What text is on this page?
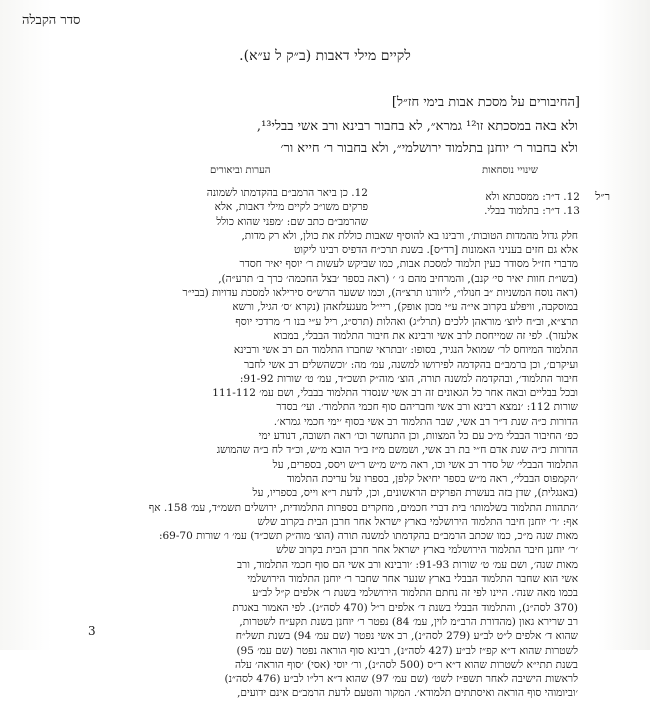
סדר הקבלה
לקיים מילי דאבות (ב״ק ל ע״א).
[החיבורים על מסכת אבות בימי חז״ל]
ולא באה במסכתא זו¹² גמרא״, לא בחבור רבינא ורב אשי בבלי¹³,
ולא בחבור ר׳ יוחנן בתלמוד ירושלמי״, ולא בחבור ר׳ חייא ור׳
שינויי נוסחאות
הערות וביאורים
ר״ל
12. ד״ר: ממסכתא ולא
13. ד״ר: בתלמוד בבלי.
12. כן ביאר הרמב״ם בהקדמתו לשמונה
פרקים משו״כ לקיים מילי דאבות, אלא
שהרמב״ם כתב שם: ׳מפני שהוא כולל
חלק גדול מהמדות הטובות׳, ורבינו בא להוסיף שאבות כוללת את כולן, ולא רק מדות,
אלא גם חזים בעניני האמונות [רד״ס]. בשנת תרכ״ח הדפיס רבינו ליקוט
מדברי חז״ל מסודר כעין תלמוד למסכת אבות, כמו שביקש לעשות ר׳ יוסף יאיר חסדר
(בשו״ת חוות יאיר סי׳ קנב), והמרחיב מהם ג׳ ׳ (ראה בספר ׳בצל החכמה׳ כרך ב׳ תרע״ה),
(ראה נוסח המשניות ״ב חנולו״, ליוורנו תרצ״ה), וכמו ששער הרש״ס סירילאו למסכת עדויות (בבי״ר
במוסקבה, וויפלע בקרוב אי״ה ע״י מכון אופק), ריי״ל מעגעלזאהן (נקרא ׳ס׳ הגיל, ורשא
תרצ״א, וב״ח ליוצ׳ מוראהן ללכים (תרל״ג) ואהלות (תרס״ג, ריל ע״י בנו ר׳ מרדכי יוסף
אלעזר). לפי זה שמייחסת לרב אשי ורבינא את חיבור התלמוד הבבלי, במבוא
התלמוד המיוחס לר׳ שמואל הנגיד, בסופו: ׳ובתראי שחברו התלמוד הם רב אשי ורבינא
ועיקרם׳, וכן ברמב״ם בהקדמה לפירושו למשנה, עמ׳ מה: ׳וכשהשלים רב אשי לחבר
חיבור התלמוד׳, ובהקדמה למשנה תורה, הוצ׳ מוה״ק תשכ״ד, עמ׳ ט׳ שורות 91-92:
ובכל בבליים ובאה אחר כל הגאונים זה רב אשי שנסדר התלמוד בבבלי, ושם עמ׳ 111-112
שורות 112: ׳נמצא רבינא ורב אשי וחבריהם סוף חכמי התלמוד׳. ועי׳ בסדר
הדורות כ״ה שנת ד״ר רב אשי, שבר התלמוד רב אשי בסוף ׳ימי חכמי גמרא׳.
כפ׳ החיבור הבבלי מ״כ עם כל המצוות, וכן התנחשר וכו׳ ראה תשובה, דנודע ימי
הדורות כ״ה שנת אדם ח״י בת רב אשי, ושמשם מ״ז ב״ר הובא מ״ש, וכ״ד לח ב״ה שהמושג
התלמוד הבבלי׳ של סדר רב אשי וכו, ראה מ״ש מ״ש ר״ש ויסס, בספרים, על
׳הקמפוס הבבלי׳, ראה מ״ש בספר יחיאל קלפן, בספרו על עריכת התלמוד
(באנגלית), שדן בזה בעשרת הפרקים הראשונים, וכן, לדעת ר״א וייס, בספריו, על
׳התהוות התלמוד בשלמותו׳ בית דברי חכמים, מחקרים בספרות התלמודית, ירושלים תשמ״ד, עמ׳ 158. אף
אף: ׳ר׳ יוחנן חיבר התלמוד הירושלמי בארץ ישראל אחר חרבן הבית בקרוב שלש
מאות שנה מ״כ, כמו שכתב הרמב״ם בהקדמתו למשנה תורה (הוצ׳ מוה״ק תשכ״ד) עמ׳ ו׳ שורות 69-70:
׳ר׳ יוחנן חיבר התלמוד הירושלמי בארץ ישראל אחר חרבן הבית בקרוב שלש
מאות שנה׳, ושם עמ׳ ט׳ שורות 91-93: ׳ורבינא ורב אשי הם סוף חכמי התלמוד, ורב
אשי הוא שחבר התלמוד הבבלי בארץ שנער אחר שחבר ר׳ יוחנן התלמוד הירושלמי
בכמו מאה שנה׳. היינו לפי זה נחתם התלמוד הירושלמי בשנת ר׳ אלפים ק״ל לב״ע
(370 לסה״נ), והתלמוד הבבלי בשנת ד׳ אלפים ר״ל (470 לסה״נ). לפי האמור באגרת
רב שרירא גאון (מהדורת הרב״מ לוין, עמ׳ 84) נפטר ר׳ יוחנן בשנת תקע״ח לשטרות,
שהוא ד׳ אלפים ל״ט לב״ע (279 לסה״נ), רב אשי נפטר (שם עמ׳ 94) בשנת תשל״ח
לשטרות שהוא ד״א קפ״ז לב״ע (427 לסה״נ), רבינא סוף הוראה נפטר (שם עמ׳ 95)
בשנת תתי״א לשטרות שהוא ד״א ר״ס (500 לסה״נ), ור׳ יוסי (אסי) ׳סוף הוראה׳ עלה
לראשות הישיבה לאחר תשפ״ז לשט׳ (שם עמ׳ 97) שהוא ד״א רל״ו לב״ע (476 לסה״נ)
׳וביומוהי סוף הוראה ואיסתתים תלמודא׳. המקור והטעם לדעת הרמב״ם אינם ידועים,
3
